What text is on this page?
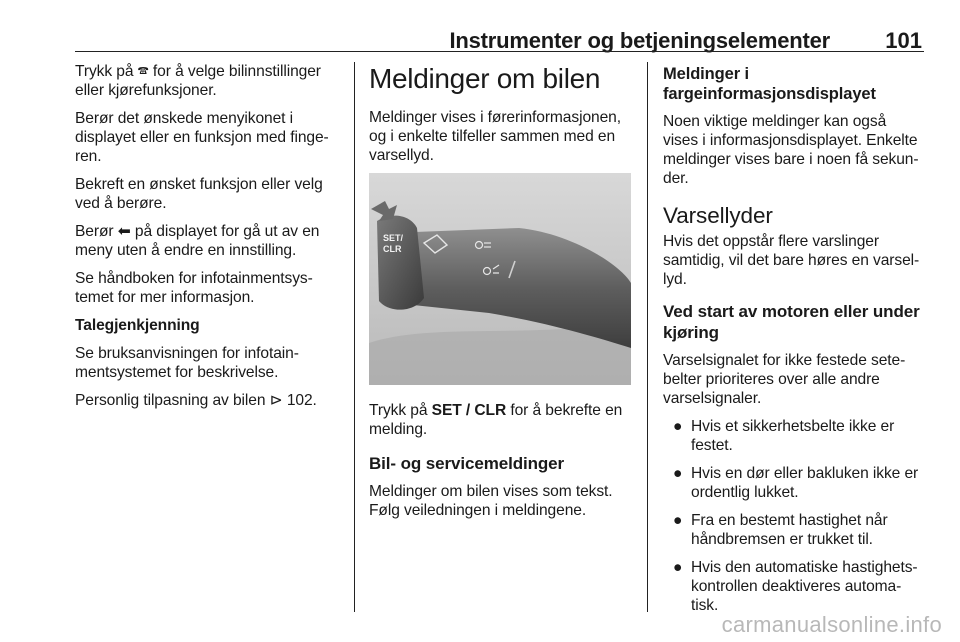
Instrumenter og betjeningselementer	101

Trykk på 🕿 for å velge bilinnstillinger eller kjørefunksjoner.

Berør det ønskede menyikonet i displayet eller en funksjon med finge-ren.

Bekreft en ønsket funksjon eller velg ved å berøre.

Berør ⬅ på displayet for gå ut av en meny uten å endre en innstilling.

Se håndboken for infotainmentsys-temet for mer informasjon.

Talegjenkjenning

Se bruksanvisningen for infotain-mentsystemet for beskrivelse.

Personlig tilpasning av bilen ⊳ 102.

Meldinger om bilen

Meldinger vises i førerinformasjonen, og i enkelte tilfeller sammen med en varsellyd.

SET/
CLR

Trykk på SET / CLR for å bekrefte en melding.

Bil- og servicemeldinger

Meldinger om bilen vises som tekst. Følg veiledningen i meldingene.

Meldinger i fargeinformasjonsdisplayet

Noen viktige meldinger kan også vises i informasjonsdisplayet. Enkelte meldinger vises bare i noen få sekun-der.

Varsellyder

Hvis det oppstår flere varslinger samtidig, vil det bare høres en varsel-lyd.

Ved start av motoren eller under kjøring

Varselsignalet for ikke festede sete-belter prioriteres over alle andre varselsignaler.

● Hvis et sikkerhetsbelte ikke er festet.
● Hvis en dør eller bakluken ikke er ordentlig lukket.
● Fra en bestemt hastighet når håndbremsen er trukket til.
● Hvis den automatiske hastighets-kontrollen deaktiveres automa-tisk.
carmanualsonline.info
